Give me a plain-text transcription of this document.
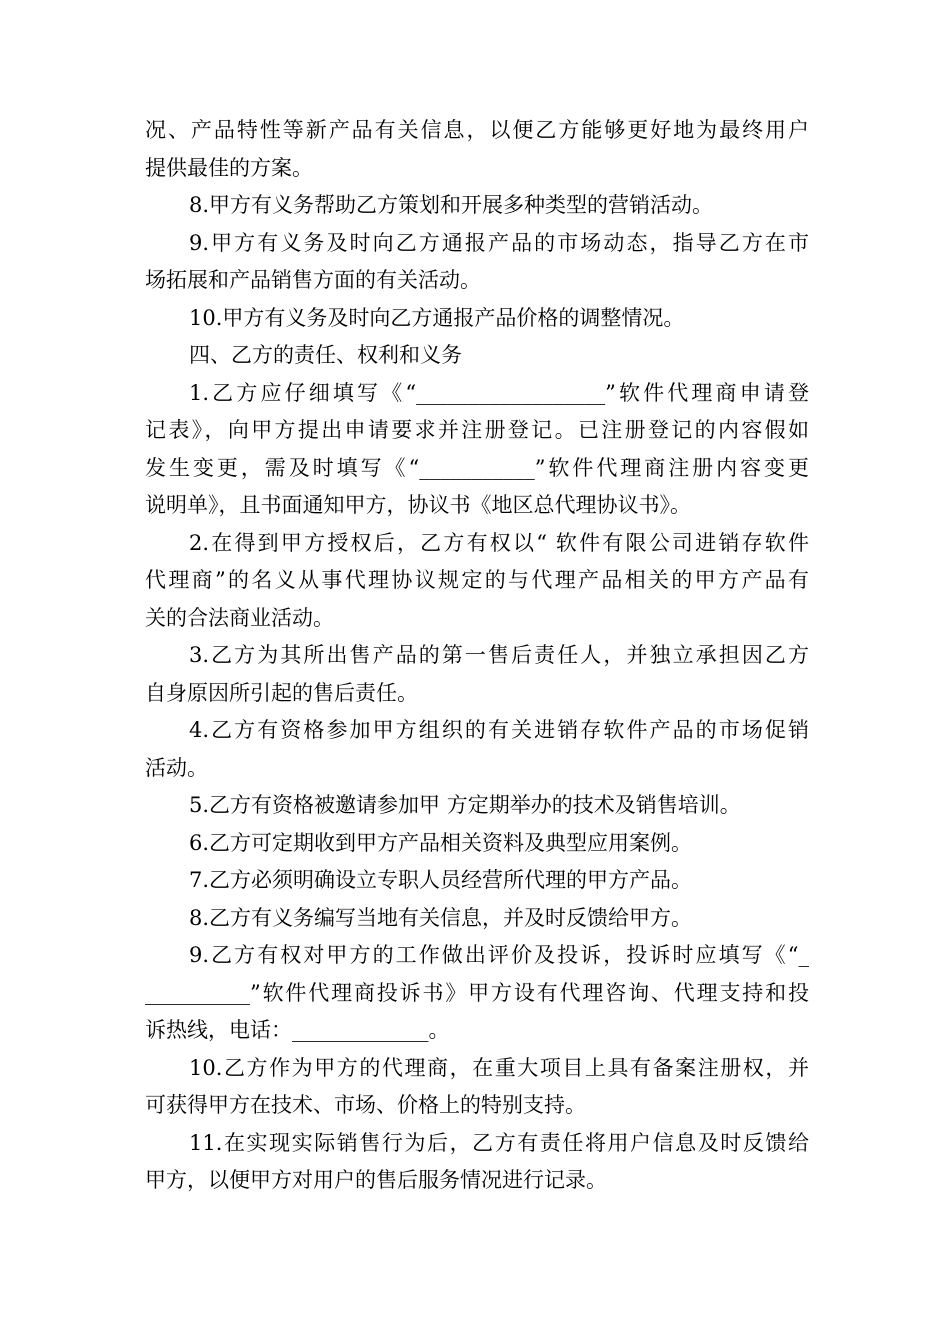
况、产品特性等新产品有关信息，以便乙方能够更好地为最终用户
提供最佳的方案。
8.甲方有义务帮助乙方策划和开展多种类型的营销活动。
9.甲方有义务及时向乙方通报产品的市场动态，指导乙方在市
场拓展和产品销售方面的有关活动。
10.甲方有义务及时向乙方通报产品价格的调整情况。
四、乙方的责任、权利和义务
1.乙方应仔细填写《“__________________”软件代理商申请登
记表》，向甲方提出申请要求并注册登记。已注册登记的内容假如
发生变更，需及时填写《“___________”软件代理商注册内容变更
说明单》，且书面通知甲方，协议书《地区总代理协议书》。
2.在得到甲方授权后，乙方有权以“ 软件有限公司进销存软件
代理商”的名义从事代理协议规定的与代理产品相关的甲方产品有
关的合法商业活动。
3.乙方为其所出售产品的第一售后责任人，并独立承担因乙方
自身原因所引起的售后责任。
4.乙方有资格参加甲方组织的有关进销存软件产品的市场促销
活动。
5.乙方有资格被邀请参加甲 方定期举办的技术及销售培训。
6.乙方可定期收到甲方产品相关资料及典型应用案例。
7.乙方必须明确设立专职人员经营所代理的甲方产品。
8.乙方有义务编写当地有关信息，并及时反馈给甲方。
9.乙方有权对甲方的工作做出评价及投诉，投诉时应填写《“_
__________”软件代理商投诉书》甲方设有代理咨询、代理支持和投
诉热线，电话：_____________。
10.乙方作为甲方的代理商，在重大项目上具有备案注册权，并
可获得甲方在技术、市场、价格上的特别支持。
11.在实现实际销售行为后，乙方有责任将用户信息及时反馈给
甲方，以便甲方对用户的售后服务情况进行记录。
